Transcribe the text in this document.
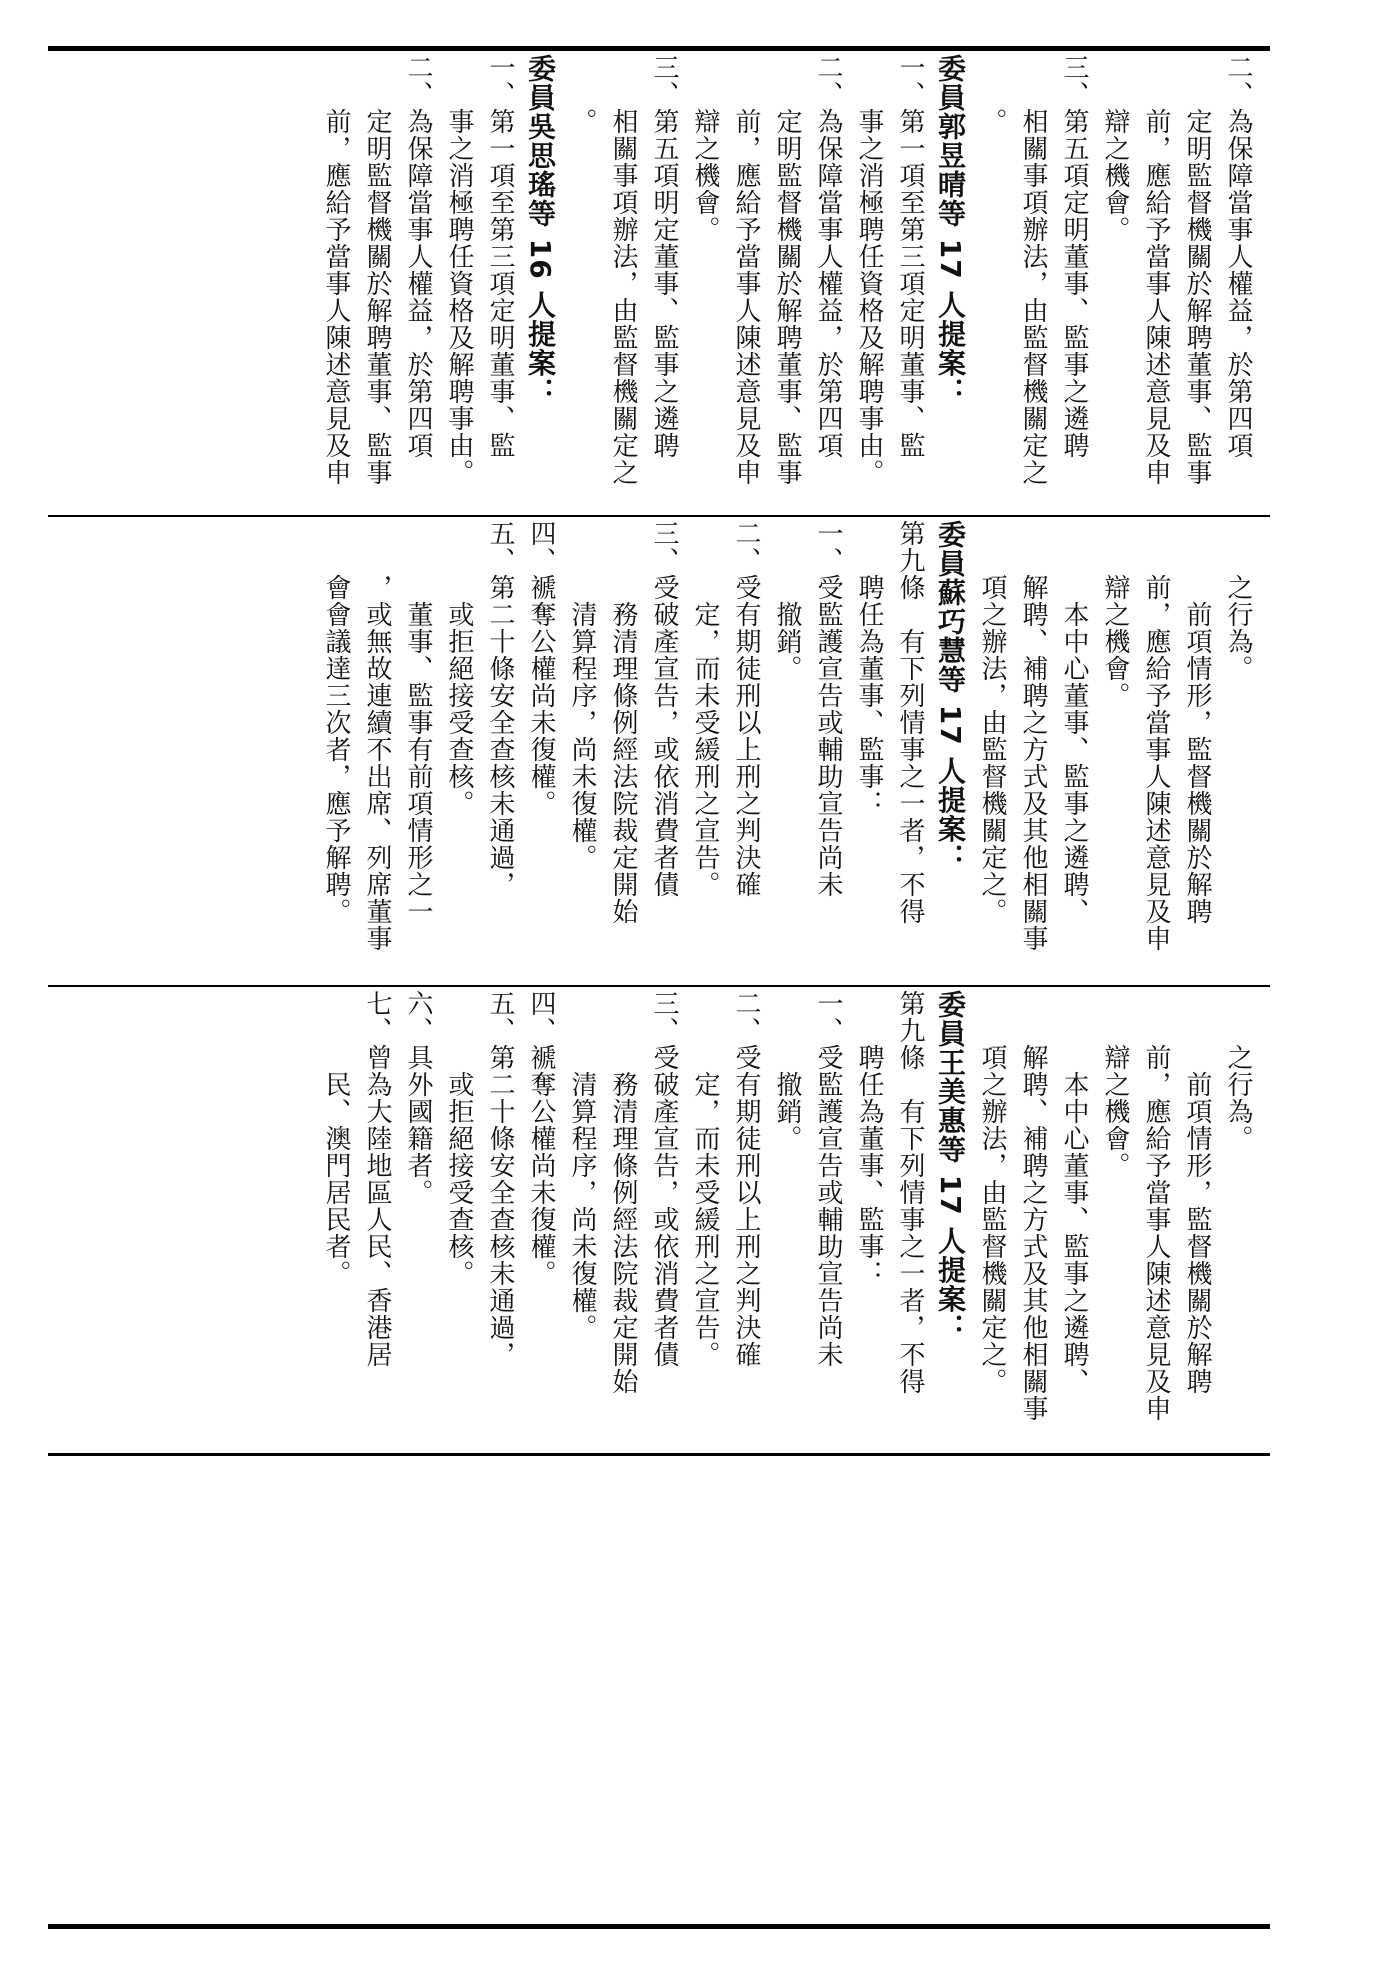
二、為保障當事人權益，於第四項
　　定明監督機關於解聘董事、監事
　　前，應給予當事人陳述意見及申
　　辯之機會。
三、第五項定明董事、監事之遴聘
　　相關事項辦法，由監督機關定之
　　。
委員郭昱晴等 17 人提案：
一、第一項至第三項定明董事、監
　　事之消極聘任資格及解聘事由。
二、為保障當事人權益，於第四項
　　定明監督機關於解聘董事、監事
　　前，應給予當事人陳述意見及申
　　辯之機會。
三、第五項明定董事、監事之遴聘
　　相關事項辦法，由監督機關定之
　　。
委員吳思瑤等 16 人提案：
一、第一項至第三項定明董事、監
　　事之消極聘任資格及解聘事由。
二、為保障當事人權益，於第四項
　　定明監督機關於解聘董事、監事
　　前，應給予當事人陳述意見及申
　　之行為。
　　　前項情形，監督機關於解聘
　　前，應給予當事人陳述意見及申
　　辯之機會。
　　　本中心董事、監事之遴聘、
　　解聘、補聘之方式及其他相關事
　　項之辦法，由監督機關定之。
委員蘇巧慧等 17 人提案：
第九條　有下列情事之一者，不得
　　聘任為董事、監事：
一、受監護宣告或輔助宣告尚未
　　　撤銷。
二、受有期徒刑以上刑之判決確
　　　定，而未受緩刑之宣告。
三、受破產宣告，或依消費者債
　　　務清理條例經法院裁定開始
　　　清算程序，尚未復權。
四、褫奪公權尚未復權。
五、第二十條安全查核未通過，
　　　或拒絕接受查核。
　　　董事、監事有前項情形之一
　　，或無故連續不出席、列席董事
　　會會議達三次者，應予解聘。
　　之行為。
　　　前項情形，監督機關於解聘
　　前，應給予當事人陳述意見及申
　　辯之機會。
　　　本中心董事、監事之遴聘、
　　解聘、補聘之方式及其他相關事
　　項之辦法，由監督機關定之。
委員王美惠等 17 人提案：
第九條　有下列情事之一者，不得
　　聘任為董事、監事：
一、受監護宣告或輔助宣告尚未
　　　撤銷。
二、受有期徒刑以上刑之判決確
　　　定，而未受緩刑之宣告。
三、受破產宣告，或依消費者債
　　　務清理條例經法院裁定開始
　　　清算程序，尚未復權。
四、褫奪公權尚未復權。
五、第二十條安全查核未通過，
　　　或拒絕接受查核。
六、具外國籍者。
七、曾為大陸地區人民、香港居
　　　民、澳門居民者。
